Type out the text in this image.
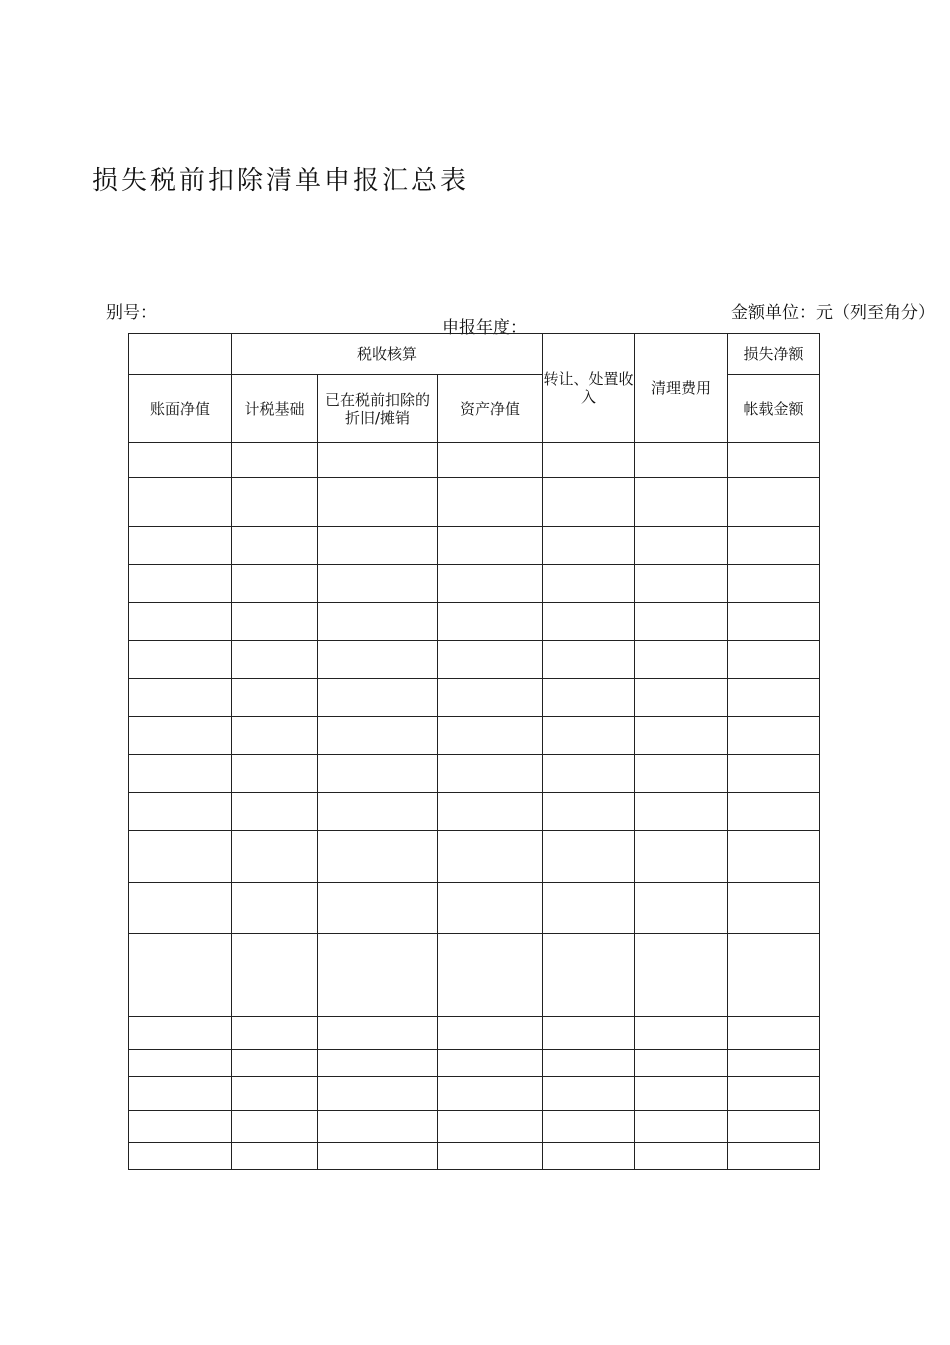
损失税前扣除清单申报汇总表
别号：
申报年度：
金额单位：元（列至角分）
	税收核算			转让、处置收入	清理费用	损失净额
账面净值	计税基础	已在税前扣除的折旧/摊销	资产净值			帐载金额
